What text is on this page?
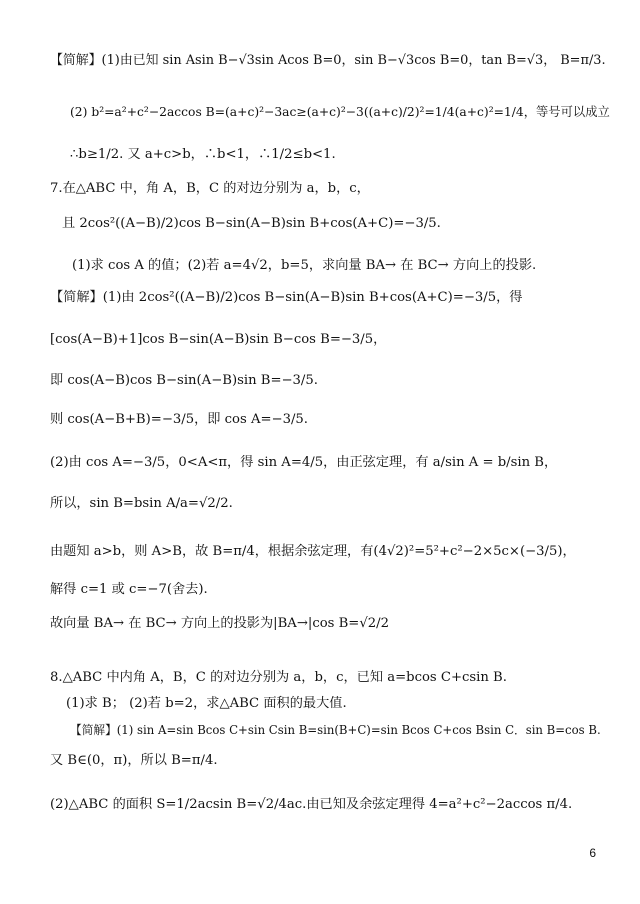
【简解】(1)由已知 sin Asin B−√3sin Acos B=0，sin B−√3cos B=0，tan B=√3， B=π/3.
(2) b²=a²+c²−2accos B=(a+c)²−3ac≥(a+c)²−3((a+c)/2)²=1/4(a+c)²=1/4，等号可以成立
∴b≥1/2. 又 a+c>b，∴b<1，∴1/2≤b<1.
7.在△ABC 中，角 A，B，C 的对边分别为 a，b，c，
且 2cos²((A−B)/2)cos B−sin(A−B)sin B+cos(A+C)=−3/5.
(1)求 cos A 的值；(2)若 a=4√2，b=5，求向量 BA→ 在 BC→ 方向上的投影.
【简解】(1)由 2cos²((A−B)/2)cos B−sin(A−B)sin B+cos(A+C)=−3/5，得
[cos(A−B)+1]cos B−sin(A−B)sin B−cos B=−3/5，
即 cos(A−B)cos B−sin(A−B)sin B=−3/5.
则 cos(A−B+B)=−3/5，即 cos A=−3/5.
(2)由 cos A=−3/5，0<A<π，得 sin A=4/5，由正弦定理，有 a/sin A = b/sin B，
所以，sin B=bsin A/a=√2/2.
由题知 a>b，则 A>B，故 B=π/4，根据余弦定理，有(4√2)²=5²+c²−2×5c×(−3/5)，
解得 c=1 或 c=−7(舍去).
故向量 BA→ 在 BC→ 方向上的投影为|BA→|cos B=√2/2
8.△ABC 中内角 A，B，C 的对边分别为 a，b，c，已知 a=bcos C+csin B.
(1)求 B； (2)若 b=2，求△ABC 面积的最大值.
【简解】(1) sin A=sin Bcos C+sin Csin B=sin(B+C)=sin Bcos C+cos Bsin C．sin B=cos B.
又 B∈(0，π)，所以 B=π/4.
(2)△ABC 的面积 S=1/2acsin B=√2/4ac.由已知及余弦定理得 4=a²+c²−2accos π/4.
6
